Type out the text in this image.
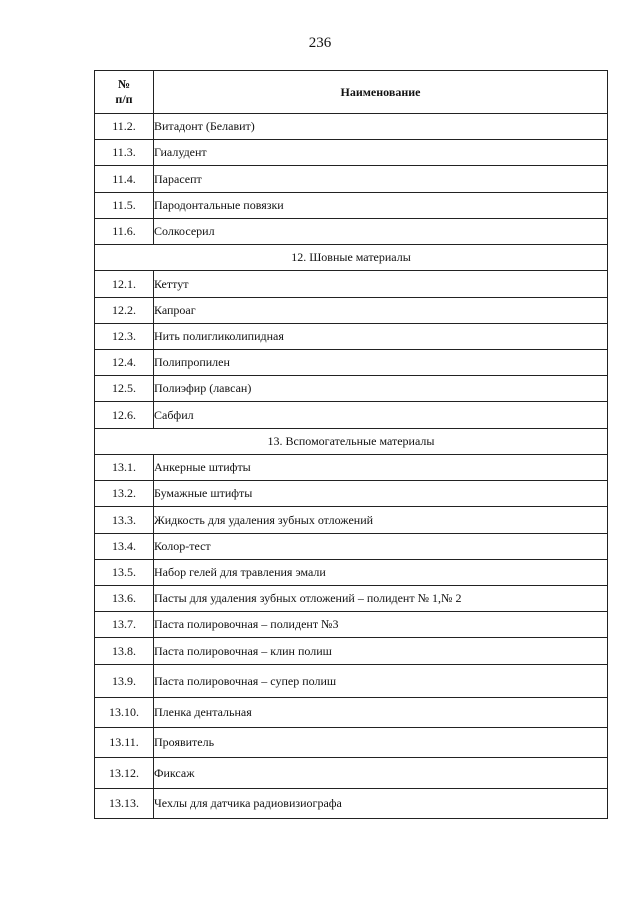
236
№
п/п	Наименование
11.2.	Витадонт (Белавит)
11.3.	Гиалудент
11.4.	Парасепт
11.5.	Пародонтальные повязки
11.6.	Солкосерил
12. Шовные материалы	
12.1.	Кеттут
12.2.	Капроаг
12.3.	Нить полигликолипидная
12.4.	Полипропилен
12.5.	Полиэфир (лавсан)
12.6.	Сабфил
13. Вспомогательные материалы	
13.1.	Анкерные штифты
13.2.	Бумажные штифты
13.3.	Жидкость для удаления зубных отложений
13.4.	Колор-тест
13.5.	Набор гелей для травления эмали
13.6.	Пасты для удаления зубных отложений – полидент № 1,№ 2
13.7.	Паста полировочная – полидент №3
13.8.	Паста полировочная – клин полиш
13.9.	Паста полировочная – супер полиш
13.10.	Пленка дентальная
13.11.	Проявитель
13.12.	Фиксаж
13.13.	Чехлы для датчика радиовизиографа
